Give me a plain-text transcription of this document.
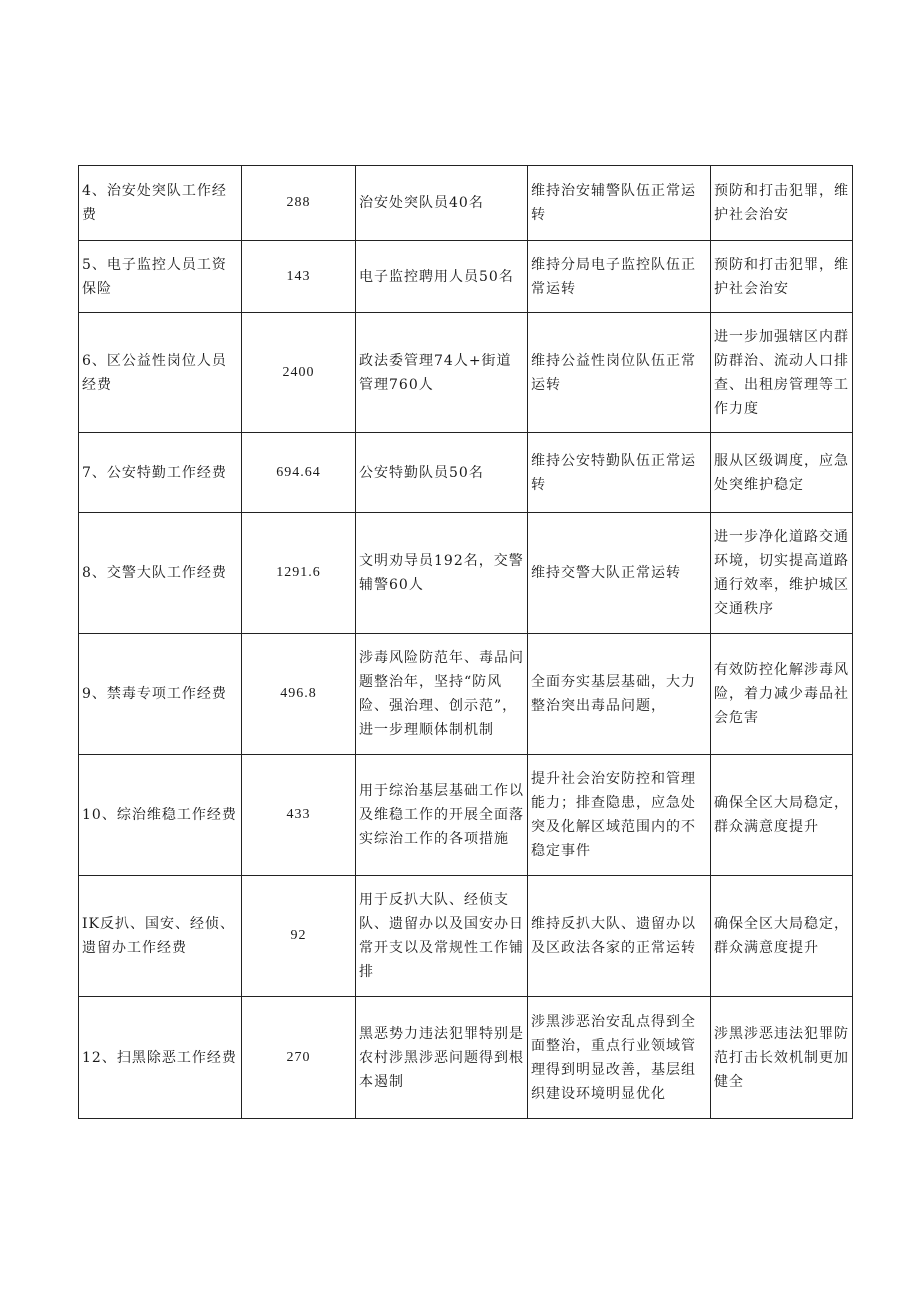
4、治安处突队工作经费	288	治安处突队员40名	维持治安辅警队伍正常运转	预防和打击犯罪，维护社会治安
5、电子监控人员工资保险	143	电子监控聘用人员50名	维持分局电子监控队伍正常运转	预防和打击犯罪，维护社会治安
6、区公益性岗位人员经费	2400	政法委管理74人+街道管理760人	维持公益性岗位队伍正常运转	进一步加强辖区内群防群治、流动人口排查、出租房管理等工作力度
7、公安特勤工作经费	694.64	公安特勤队员50名	维持公安特勤队伍正常运转	服从区级调度，应急处突维护稳定
8、交警大队工作经费	1291.6	文明劝导员192名，交警辅警60人	维持交警大队正常运转	进一步净化道路交通环境，切实提高道路通行效率，维护城区交通秩序
9、禁毒专项工作经费	496.8	涉毒风险防范年、毒品问题整治年，坚持“防风险、强治理、创示范”，进一步理顺体制机制	全面夯实基层基础，大力整治突出毒品问题，	有效防控化解涉毒风险，着力减少毒品社会危害
10、综治维稳工作经费	433	用于综治基层基础工作以及维稳工作的开展全面落实综治工作的各项措施	提升社会治安防控和管理能力；排查隐患，应急处突及化解区域范围内的不稳定事件	确保全区大局稳定，群众满意度提升
IK反扒、国安、经侦、遗留办工作经费	92	用于反扒大队、经侦支队、遗留办以及国安办日常开支以及常规性工作铺排	维持反扒大队、遗留办以及区政法各家的正常运转	确保全区大局稳定，群众满意度提升
12、扫黑除恶工作经费	270	黑恶势力违法犯罪特别是农村涉黑涉恶问题得到根本遏制	涉黑涉恶治安乱点得到全面整治，重点行业领域管理得到明显改善，基层组织建设环境明显优化	涉黑涉恶违法犯罪防范打击长效机制更加健全
